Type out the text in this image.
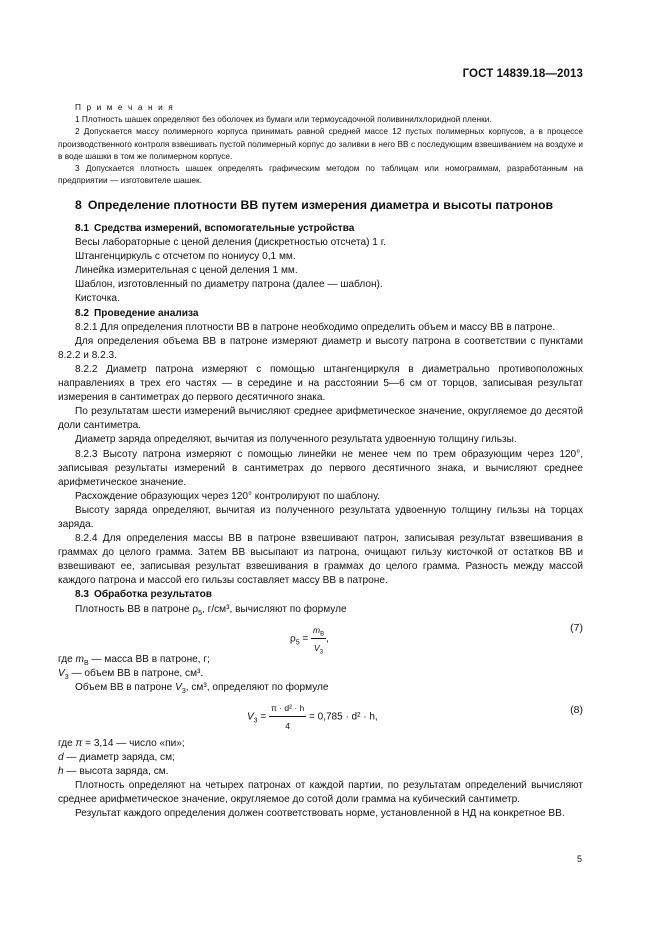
ГОСТ 14839.18—2013

П р и м е ч а н и я

1 Плотность шашек определяют без оболочек из бумаги или термоусадочной поливинилхлоридной пленки.

2 Допускается массу полимерного корпуса принимать равной средней массе 12 пустых полимерных корпусов, а в процессе производственного контроля взвешивать пустой полимерный корпус до заливки в него ВВ с последующим взвешиванием на воздухе и в воде шашки в том же полимерном корпусе.

3 Допускается плотность шашек определять графическим методом по таблицам или номограммам, разработанным на предприятии — изготовителе шашек.

8 Определение плотности ВВ путем измерения диаметра и высоты патронов

8.1 Средства измерений, вспомогательные устройства

Весы лабораторные с ценой деления (дискретностью отсчета) 1 г.

Штангенциркуль с отсчетом по нониусу 0,1 мм.

Линейка измерительная с ценой деления 1 мм.

Шаблон, изготовленный по диаметру патрона (далее — шаблон).

Кисточка.

8.2 Проведение анализа

8.2.1 Для определения плотности ВВ в патроне необходимо определить объем и массу ВВ в патроне.

Для определения объема ВВ в патроне измеряют диаметр и высоту патрона в соответствии с пунктами 8.2.2 и 8.2.3.

8.2.2 Диаметр патрона измеряют с помощью штангенциркуля в диаметрально противоположных направлениях в трех его частях — в середине и на расстоянии 5—6 см от торцов, записывая результат измерения в сантиметрах до первого десятичного знака.

По результатам шести измерений вычисляют среднее арифметическое значение, округляемое до десятой доли сантиметра.

Диаметр заряда определяют, вычитая из полученного результата удвоенную толщину гильзы.

8.2.3 Высоту патрона измеряют с помощью линейки не менее чем по трем образующим через 120°, записывая результаты измерений в сантиметрах до первого десятичного знака, и вычисляют среднее арифметическое значение.

Расхождение образующих через 120° контролируют по шаблону.

Высоту заряда определяют, вычитая из полученного результата удвоенную толщину гильзы на торцах заряда.

8.2.4 Для определения массы ВВ в патроне взвешивают патрон, записывая результат взвешивания в граммах до целого грамма. Затем ВВ высыпают из патрона, очищают гильзу кисточкой от остатков ВВ и взвешивают ее, записывая результат взвешивания в граммах до целого грамма. Разность между массой каждого патрона и массой его гильзы составляет массу ВВ в патроне.

8.3 Обработка результатов

Плотность ВВ в патроне $\rho_5$, г/см³, вычисляют по формуле

$\rho_5 = \frac{m_В}{V_3}$ ,
(7)

где $m_В$ — масса ВВ в патроне, г;

$V_3$ — объем ВВ в патроне, см³.

Объем ВВ в патроне $V_3$, см³, определяют по формуле

$V_3 = \frac{\text{π · d² · h}}{4} = 0,785 \cdot d^2 \cdot h$,
(8)

где π = 3,14 — число «пи»;

d — диаметр заряда, см;

h — высота заряда, см.

Плотность определяют на четырех патронах от каждой партии, по результатам определений вычисляют среднее арифметическое значение, округляемое до сотой доли грамма на кубический сантиметр.

Результат каждого определения должен соответствовать норме, установленной в НД на конкретное ВВ.

5
